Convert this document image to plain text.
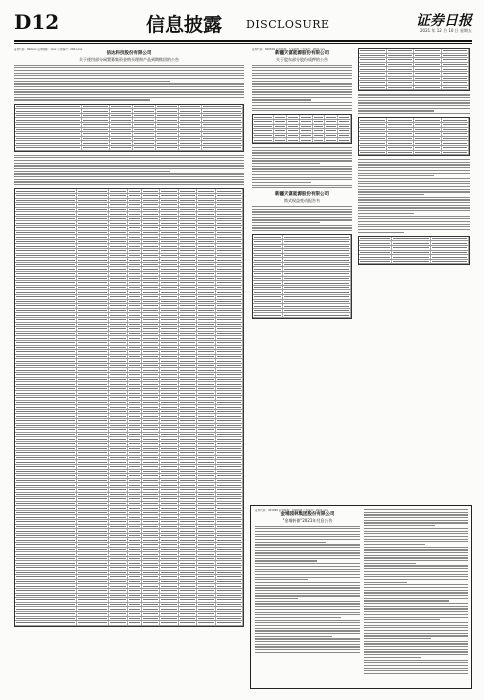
D12	信息披露 DISCLOSURE	证券日报
2021 年 12 月 10 日 星期五
证券代码：002xxx 证券简称：xxxx 公告编号：2021-xxx
信达科技股份有限公司
关于使用部分闲置募集资金购买理财产品到期赎回的公告
证券代码：600509 证券简称：天富能源 公告编号：2021-xxx
新疆天富能源股份有限公司
关于股东部分股份质押的公告
新疆天富能源股份有限公司
简式权益变动报告书
证券代码：301098 证券简称：金埔园林 公告编号：2021-xxx
金埔园林集团股份有限公司
"金埔转债"2021年付息公告
